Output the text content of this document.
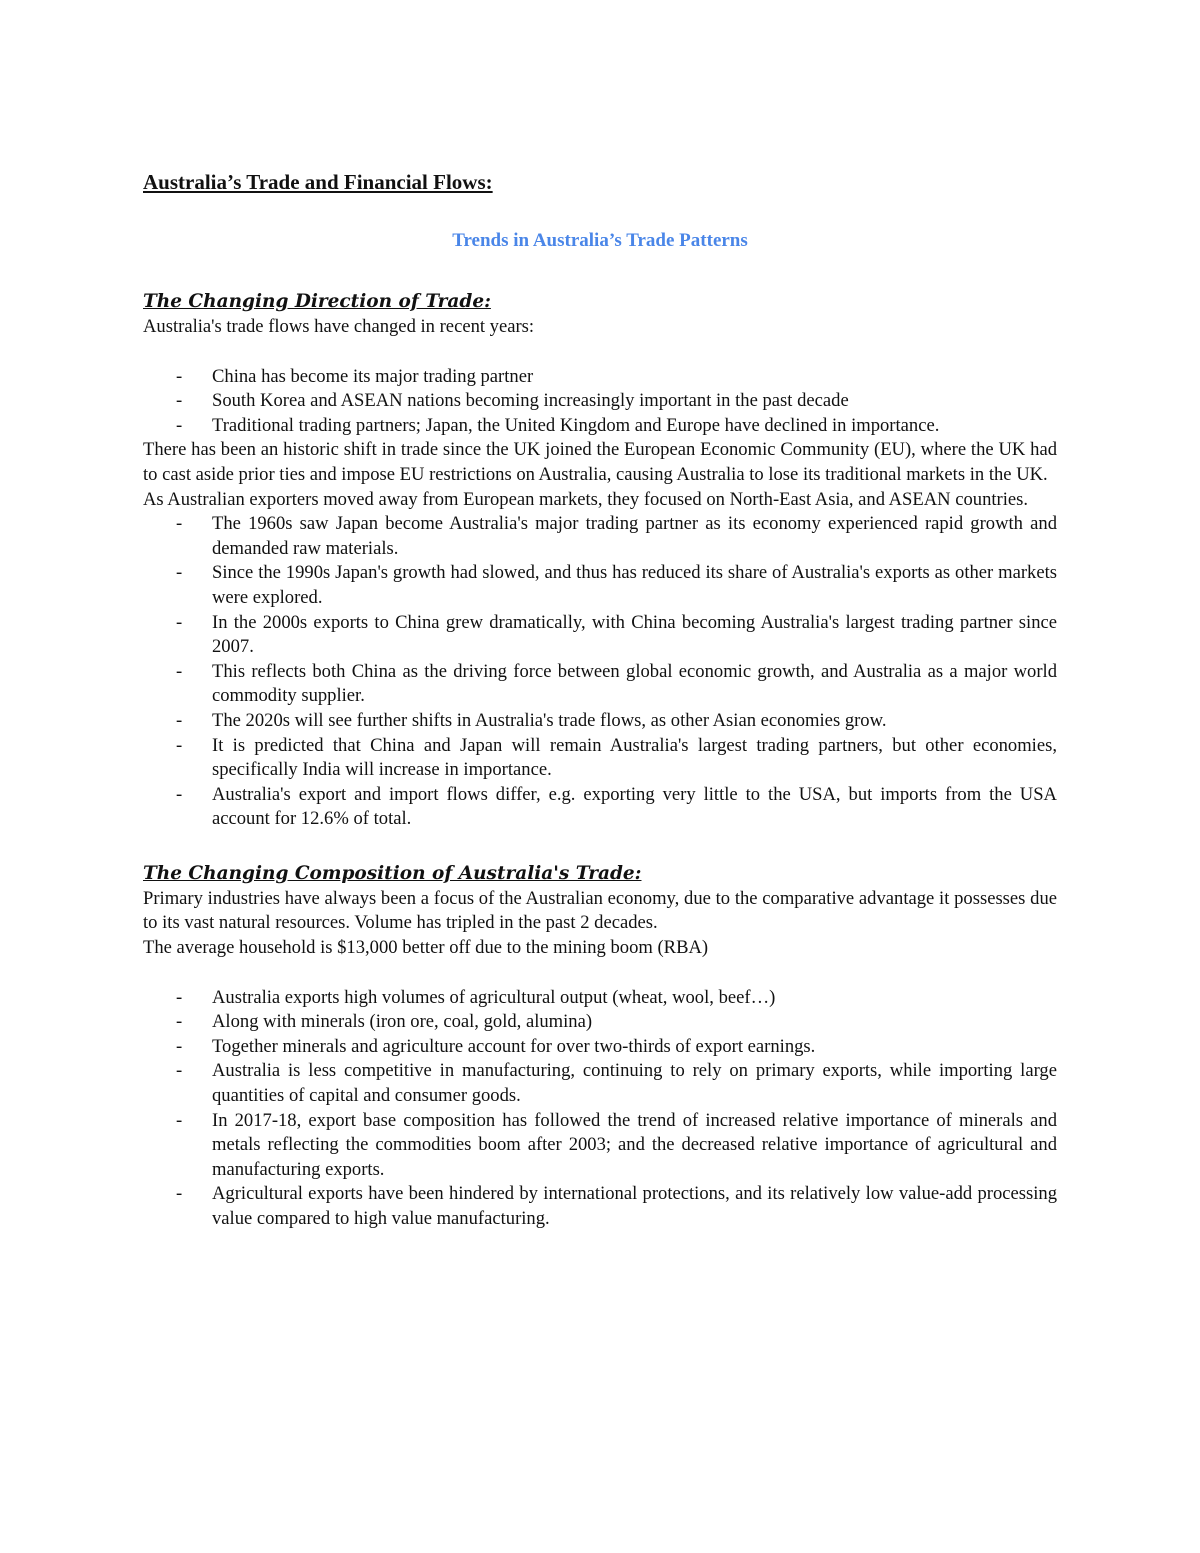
Australia’s Trade and Financial Flows:
Trends in Australia’s Trade Patterns
The Changing Direction of Trade:

Australia's trade flows have changed in recent years:

- China has become its major trading partner
- South Korea and ASEAN nations becoming increasingly important in the past decade
- Traditional trading partners; Japan, the United Kingdom and Europe have declined in importance.

There has been an historic shift in trade since the UK joined the European Economic Community (EU), where the UK had to cast aside prior ties and impose EU restrictions on Australia, causing Australia to lose its traditional markets in the UK.

As Australian exporters moved away from European markets, they focused on North-East Asia, and ASEAN countries.

- The 1960s saw Japan become Australia's major trading partner as its economy experienced rapid growth and demanded raw materials.
- Since the 1990s Japan's growth had slowed, and thus has reduced its share of Australia's exports as other markets were explored.
- In the 2000s exports to China grew dramatically, with China becoming Australia's largest trading partner since 2007.
- This reflects both China as the driving force between global economic growth, and Australia as a major world commodity supplier.
- The 2020s will see further shifts in Australia's trade flows, as other Asian economies grow.
- It is predicted that China and Japan will remain Australia's largest trading partners, but other economies, specifically India will increase in importance.
- Australia's export and import flows differ, e.g. exporting very little to the USA, but imports from the USA account for 12.6% of total.
The Changing Composition of Australia's Trade:

Primary industries have always been a focus of the Australian economy, due to the comparative advantage it possesses due to its vast natural resources. Volume has tripled in the past 2 decades.

The average household is $13,000 better off due to the mining boom (RBA)

- Australia exports high volumes of agricultural output (wheat, wool, beef…)
- Along with minerals (iron ore, coal, gold, alumina)
- Together minerals and agriculture account for over two-thirds of export earnings.
- Australia is less competitive in manufacturing, continuing to rely on primary exports, while importing large quantities of capital and consumer goods.
- In 2017-18, export base composition has followed the trend of increased relative importance of minerals and metals reflecting the commodities boom after 2003; and the decreased relative importance of agricultural and manufacturing exports.
- Agricultural exports have been hindered by international protections, and its relatively low value-add processing value compared to high value manufacturing.
